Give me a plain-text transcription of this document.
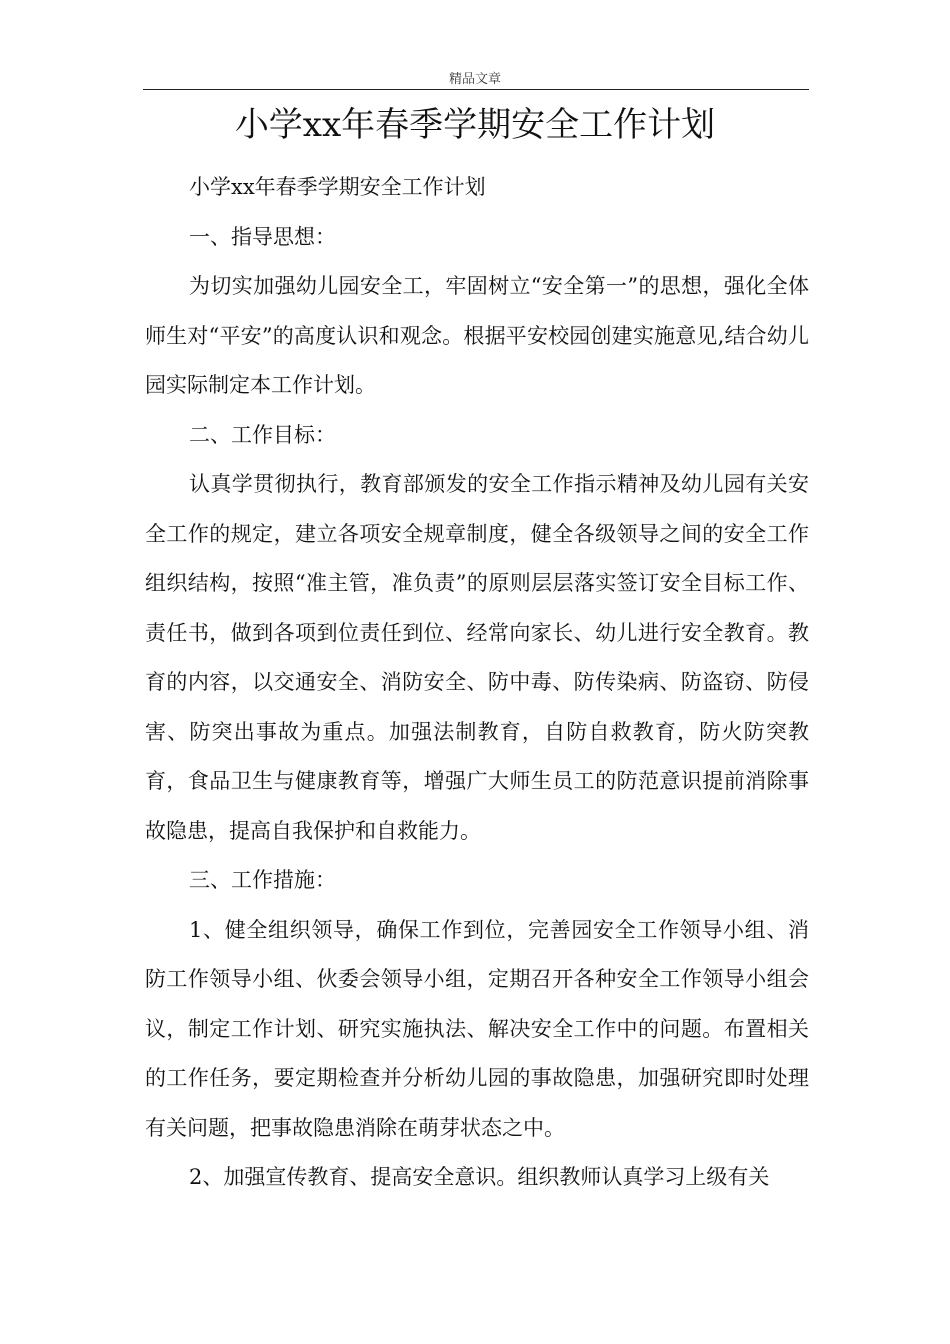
精品文章
小学xx年春季学期安全工作计划

小学xx年春季学期安全工作计划

一、指导思想：

为切实加强幼儿园安全工，牢固树立“安全第一”的思想，强化全体师生对“平安”的高度认识和观念。根据平安校园创建实施意见,结合幼儿园实际制定本工作计划。

二、工作目标：

认真学贯彻执行，教育部颁发的安全工作指示精神及幼儿园有关安全工作的规定，建立各项安全规章制度，健全各级领导之间的安全工作组织结构，按照“准主管，准负责”的原则层层落实签订安全目标工作、责任书，做到各项到位责任到位、经常向家长、幼儿进行安全教育。教育的内容，以交通安全、消防安全、防中毒、防传染病、防盗窃、防侵害、防突出事故为重点。加强法制教育，自防自救教育，防火防突教育，食品卫生与健康教育等，增强广大师生员工的防范意识提前消除事故隐患，提高自我保护和自救能力。

三、工作措施：

1、健全组织领导，确保工作到位，完善园安全工作领导小组、消防工作领导小组、伙委会领导小组，定期召开各种安全工作领导小组会议，制定工作计划、研究实施执法、解决安全工作中的问题。布置相关的工作任务，要定期检查并分析幼儿园的事故隐患，加强研究即时处理有关问题，把事故隐患消除在萌芽状态之中。

2、加强宣传教育、提高安全意识。组织教师认真学习上级有关
